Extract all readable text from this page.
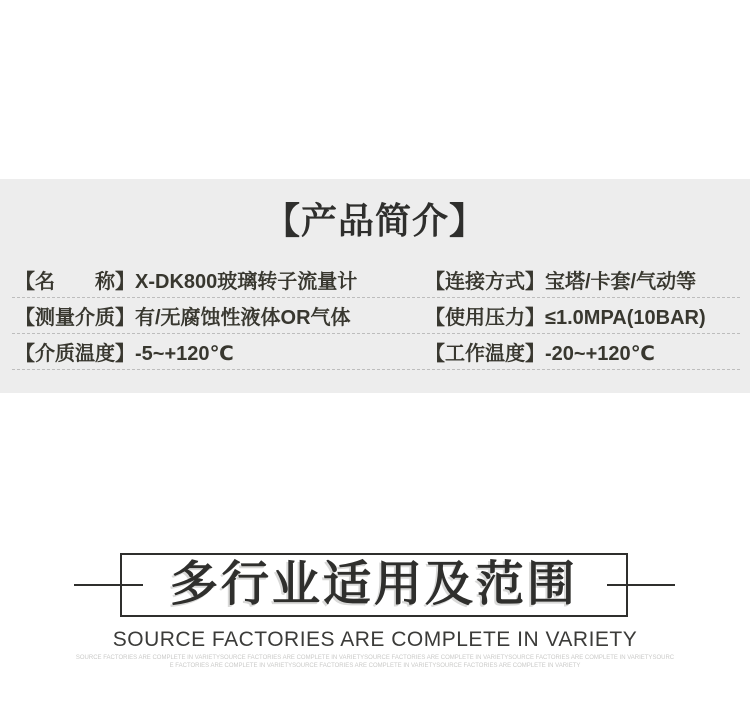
【产品简介】
【名　　称】X-DK800玻璃转子流量计	【连接方式】宝塔/卡套/气动等
【测量介质】有/无腐蚀性液体OR气体	【使用压力】≤1.0MPA(10BAR)
【介质温度】-5~+120℃	【工作温度】-20~+120℃
多行业适用及范围
SOURCE FACTORIES ARE COMPLETE IN VARIETY
SOURCE FACTORIES ARE COMPLETE IN VARIETYSOURCE FACTORIES ARE COMPLETE IN VARIETYSOURCE FACTORIES ARE COMPLETE IN VARIETYSOURCE FACTORIES ARE COMPLETE IN VARIETYSOURC
E FACTORIES ARE COMPLETE IN VARIETYSOURCE FACTORIES ARE COMPLETE IN VARIETYSOURCE FACTORIES ARE COMPLETE IN VARIETY
